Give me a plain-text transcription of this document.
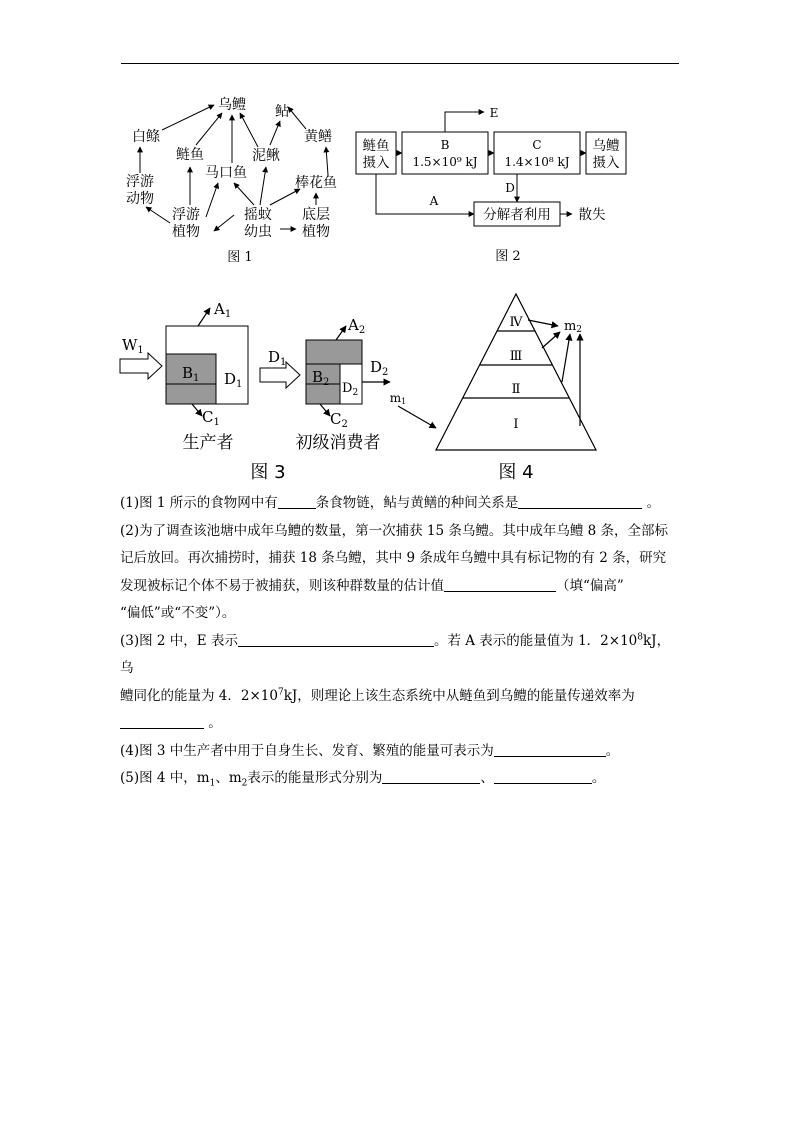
乌鳢 鲇
白鲦
鲢鱼	泥鳅
黄鳝
马口鱼
浮游
动物
棒花鱼
浮游
植物
摇蚊
幼虫
底层
植物
图 1
鲢鱼
摄入
B
1.5×10⁹ kJ
C
1.4×10⁸ kJ
乌鳢
摄入
E
D
A
分解者利用 散失
图 2
$W_1$
$A_1$
$B_1$ $D_1$
$C_1$
$D_1$
$A_2$
$B_2$ $D_2$
$C_2$
$D_2$
生产者	初级消费者
图 3
Ⅳ
Ⅲ
Ⅱ
Ⅰ
m1
m2
图 4

(1)图 1 所示的食物网中有	条食物链，鲇与黄鳝的种间关系是	。

(2)为了调查该池塘中成年乌鳢的数量，第一次捕获 15 条乌鳢。其中成年乌鳢 8 条，全部标
记后放回。再次捕捞时，捕获 18 条乌鳢，其中 9 条成年乌鳢中具有标记物的有 2 条，研究
发现被标记个体不易于被捕获，则该种群数量的估计值	（填“偏高”
“偏低”或“不变”）。

(3)图 2 中，E 表示	。若 A 表示的能量值为 1．$2\times 10^8kJ$，乌
鳢同化的能量为 4．$2\times 10^7kJ$，则理论上该生态系统中从鲢鱼到乌鳢的能量传递效率为
。

(4)图 3 中生产者中用于自身生长、发育、繁殖的能量可表示为	。

(5)图 4 中，$m_1$、$m_2$表示的能量形式分别为	、	。
